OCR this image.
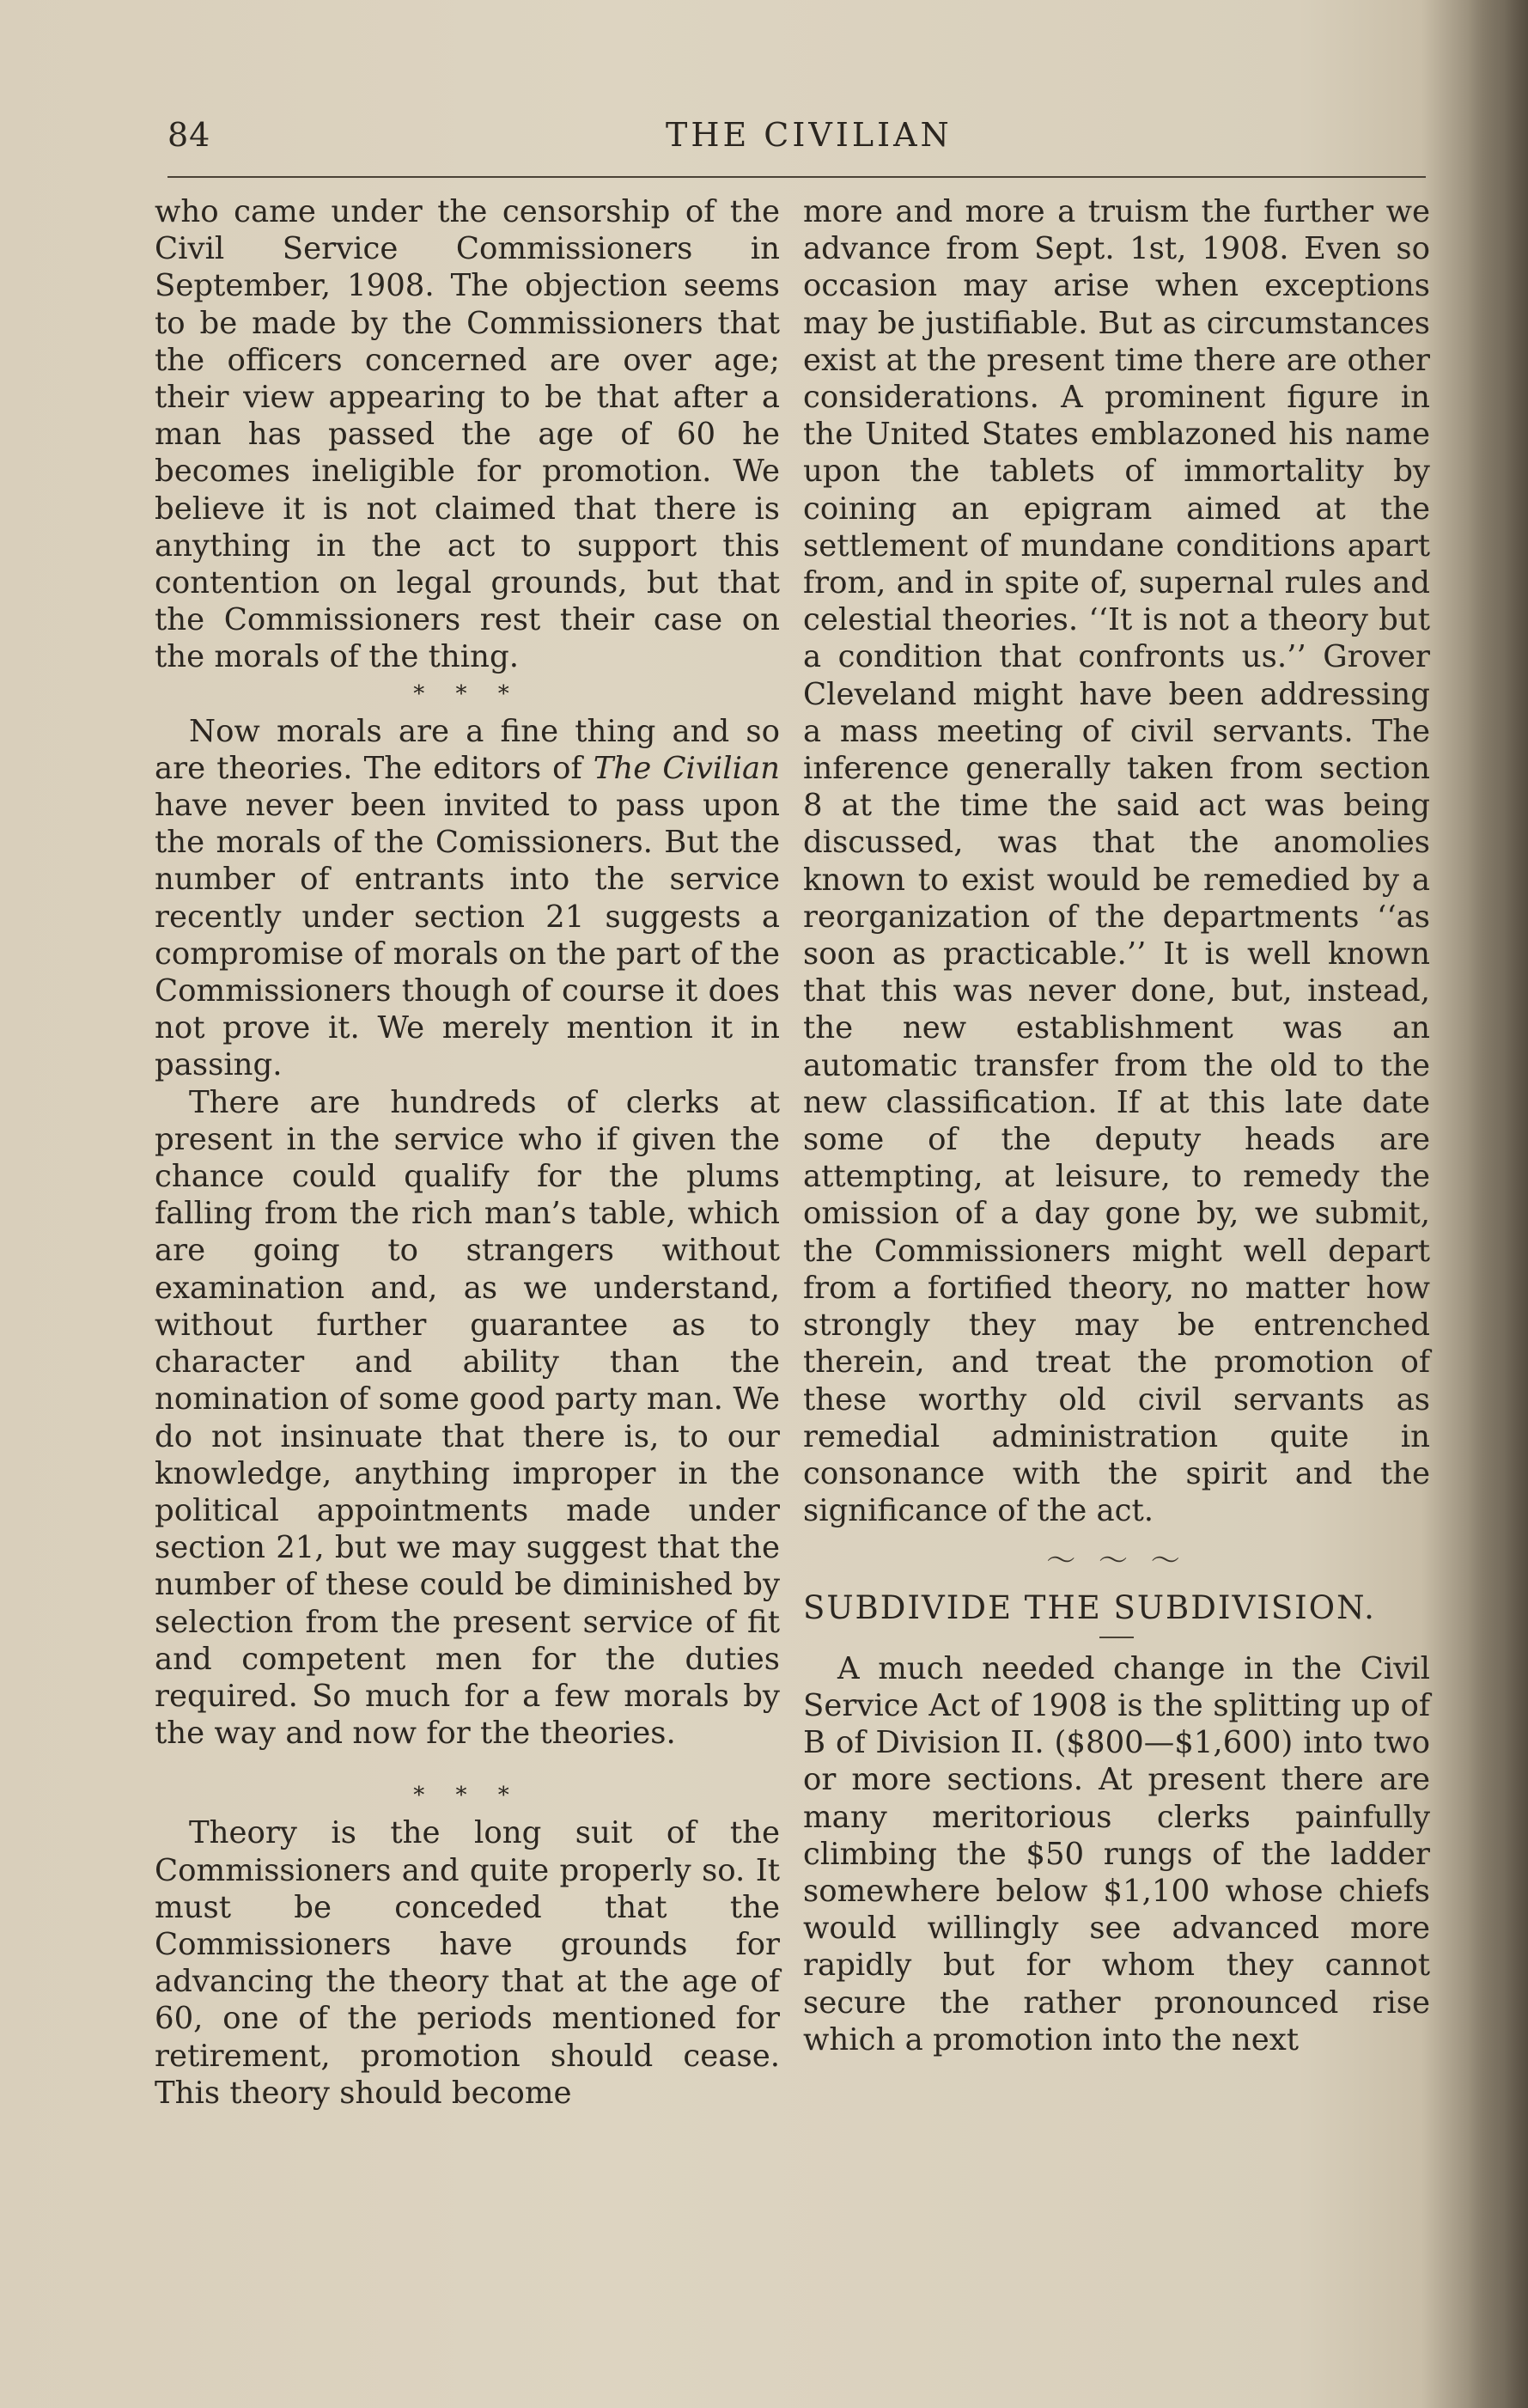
84	THE CIVILIAN

who came under the censorship of the Civil Service Commissioners in September, 1908. The objection seems to be made by the Commissioners that the officers concerned are over age; their view appearing to be that after a man has passed the age of 60 he becomes ineligible for promotion. We believe it is not claimed that there is anything in the act to support this contention on legal grounds, but that the Commissioners rest their case on the morals of the thing.

* * *

Now morals are a fine thing and so are theories. The editors of The Civilian have never been invited to pass upon the morals of the Comissioners. But the number of entrants into the service recently under section 21 suggests a compromise of morals on the part of the Commissioners though of course it does not prove it. We merely mention it in passing.

There are hundreds of clerks at present in the service who if given the chance could qualify for the plums falling from the rich man’s table, which are going to strangers without examination and, as we understand, without further guarantee as to character and ability than the nomination of some good party man. We do not insinuate that there is, to our knowledge, anything improper in the political appointments made under section 21, but we may suggest that the number of these could be diminished by selection from the present service of fit and competent men for the duties required. So much for a few morals by the way and now for the theories.

* * *

Theory is the long suit of the Commissioners and quite properly so. It must be conceded that the Commissioners have grounds for advancing the theory that at the age of 60, one of the periods mentioned for retirement, promotion should cease. This theory should become

more and more a truism the further we advance from Sept. 1st, 1908. Even so occasion may arise when exceptions may be justifiable. But as circumstances exist at the present time there are other considerations. A prominent figure in the United States emblazoned his name upon the tablets of immortality by coining an epigram aimed at the settlement of mundane conditions apart from, and in spite of, supernal rules and celestial theories. ‘‘It is not a theory but a condition that confronts us.’’ Grover Cleveland might have been addressing a mass meeting of civil servants. The inference generally taken from section 8 at the time the said act was being discussed, was that the anomolies known to exist would be remedied by a reorganization of the departments ‘‘as soon as practicable.’’ It is well known that this was never done, but, instead, the new establishment was an automatic transfer from the old to the new classification. If at this late date some of the deputy heads are attempting, at leisure, to remedy the omission of a day gone by, we submit, the Commissioners might well depart from a fortified theory, no matter how strongly they may be entrenched therein, and treat the promotion of these worthy old civil servants as remedial administration quite in consonance with the spirit and the significance of the act.

〜 〜 〜

SUBDIVIDE THE SUBDIVISION.

A much needed change in the Civil Service Act of 1908 is the splitting up of B of Division II. ($800—$1,600) into two or more sections. At present there are many meritorious clerks painfully climbing the $50 rungs of the ladder somewhere below $1,100 whose chiefs would willingly see advanced more rapidly but for whom they cannot secure the rather pronounced rise which a promotion into the next
